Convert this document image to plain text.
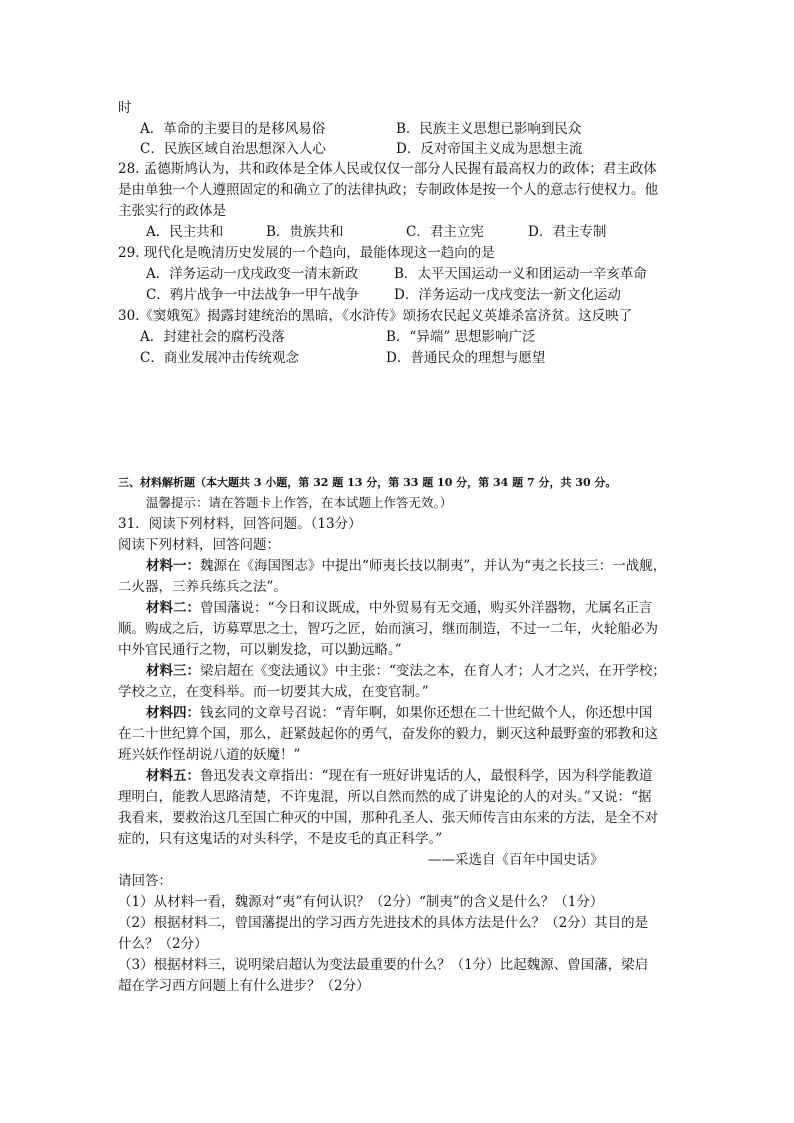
时
A．革命的主要目的是移风易俗	B．民族主义思想已影响到民众
C．民族区域自治思想深入人心	D．反对帝国主义成为思想主流
28. 孟德斯鸠认为，共和政体是全体人民或仅仅一部分人民握有最高权力的政体；君主政体
是由单独一个人遵照固定的和确立了的法律执政；专制政体是按一个人的意志行使权力。他
主张实行的政体是
A．民主共和	B．贵族共和	C．君主立宪	D．君主专制
29. 现代化是晚清历史发展的一个趋向，最能体现这一趋向的是
A．洋务运动一戊戌政变一清末新政	B．太平天国运动一义和团运动一辛亥革命
C．鸦片战争一中法战争一甲午战争	D．洋务运动一戊戌变法一新文化运动
30.《窦娥冤》揭露封建统治的黑暗，《水浒传》颂扬农民起义英雄杀富济贫。这反映了
A．封建社会的腐朽没落	B．“异端” 思想影响广泛
C．商业发展冲击传统观念	D．普通民众的理想与愿望
三、材料解析题（本大题共 3 小题，第 32 题 13 分，第 33 题 10 分，第 34 题 7 分，共 30 分。
温馨提示：请在答题卡上作答，在本试题上作答无效。）
31．阅读下列材料，回答问题。（13分）
阅读下列材料，回答问题：
材料一：魏源在《海国图志》中提出“师夷长技以制夷”，并认为“夷之长技三：一战舰，
二火器，三养兵练兵之法”。
材料二：曾国藩说：“今日和议既成，中外贸易有无交通，购买外洋器物，尤属名正言
顺。购成之后，访募覃思之士，智巧之匠，始而演习，继而制造，不过一二年，火轮船必为
中外官民通行之物，可以剿发捻，可以勤远略。”
材料三：梁启超在《变法通议》中主张：“变法之本，在育人才；人才之兴，在开学校；
学校之立，在变科举。而一切要其大成，在变官制。”
材料四：钱玄同的文章号召说：“青年啊，如果你还想在二十世纪做个人，你还想中国
在二十世纪算个国，那么，赶紧鼓起你的勇气，奋发你的毅力，剿灭这种最野蛮的邪教和这
班兴妖作怪胡说八道的妖魔！”
材料五：鲁迅发表文章指出：“现在有一班好讲鬼话的人，最恨科学，因为科学能教道
理明白，能教人思路清楚，不许鬼混，所以自然而然的成了讲鬼论的人的对头。”又说：“据
我看来，要救治这几至国亡种灭的中国，那种孔圣人、张天师传言由东来的方法，是全不对
症的，只有这鬼话的对头科学，不是皮毛的真正科学。”
——采选自《百年中国史话》
请回答：
（1）从材料一看，魏源对“夷”有何认识？（2分）“制夷”的含义是什么？（1分）
（2）根据材料二，曾国藩提出的学习西方先进技术的具体方法是什么？（2分）其目的是
什么？（2分）
（3）根据材料三，说明梁启超认为变法最重要的什么？（1分）比起魏源、曾国藩，梁启
超在学习西方问题上有什么进步？（2分）
